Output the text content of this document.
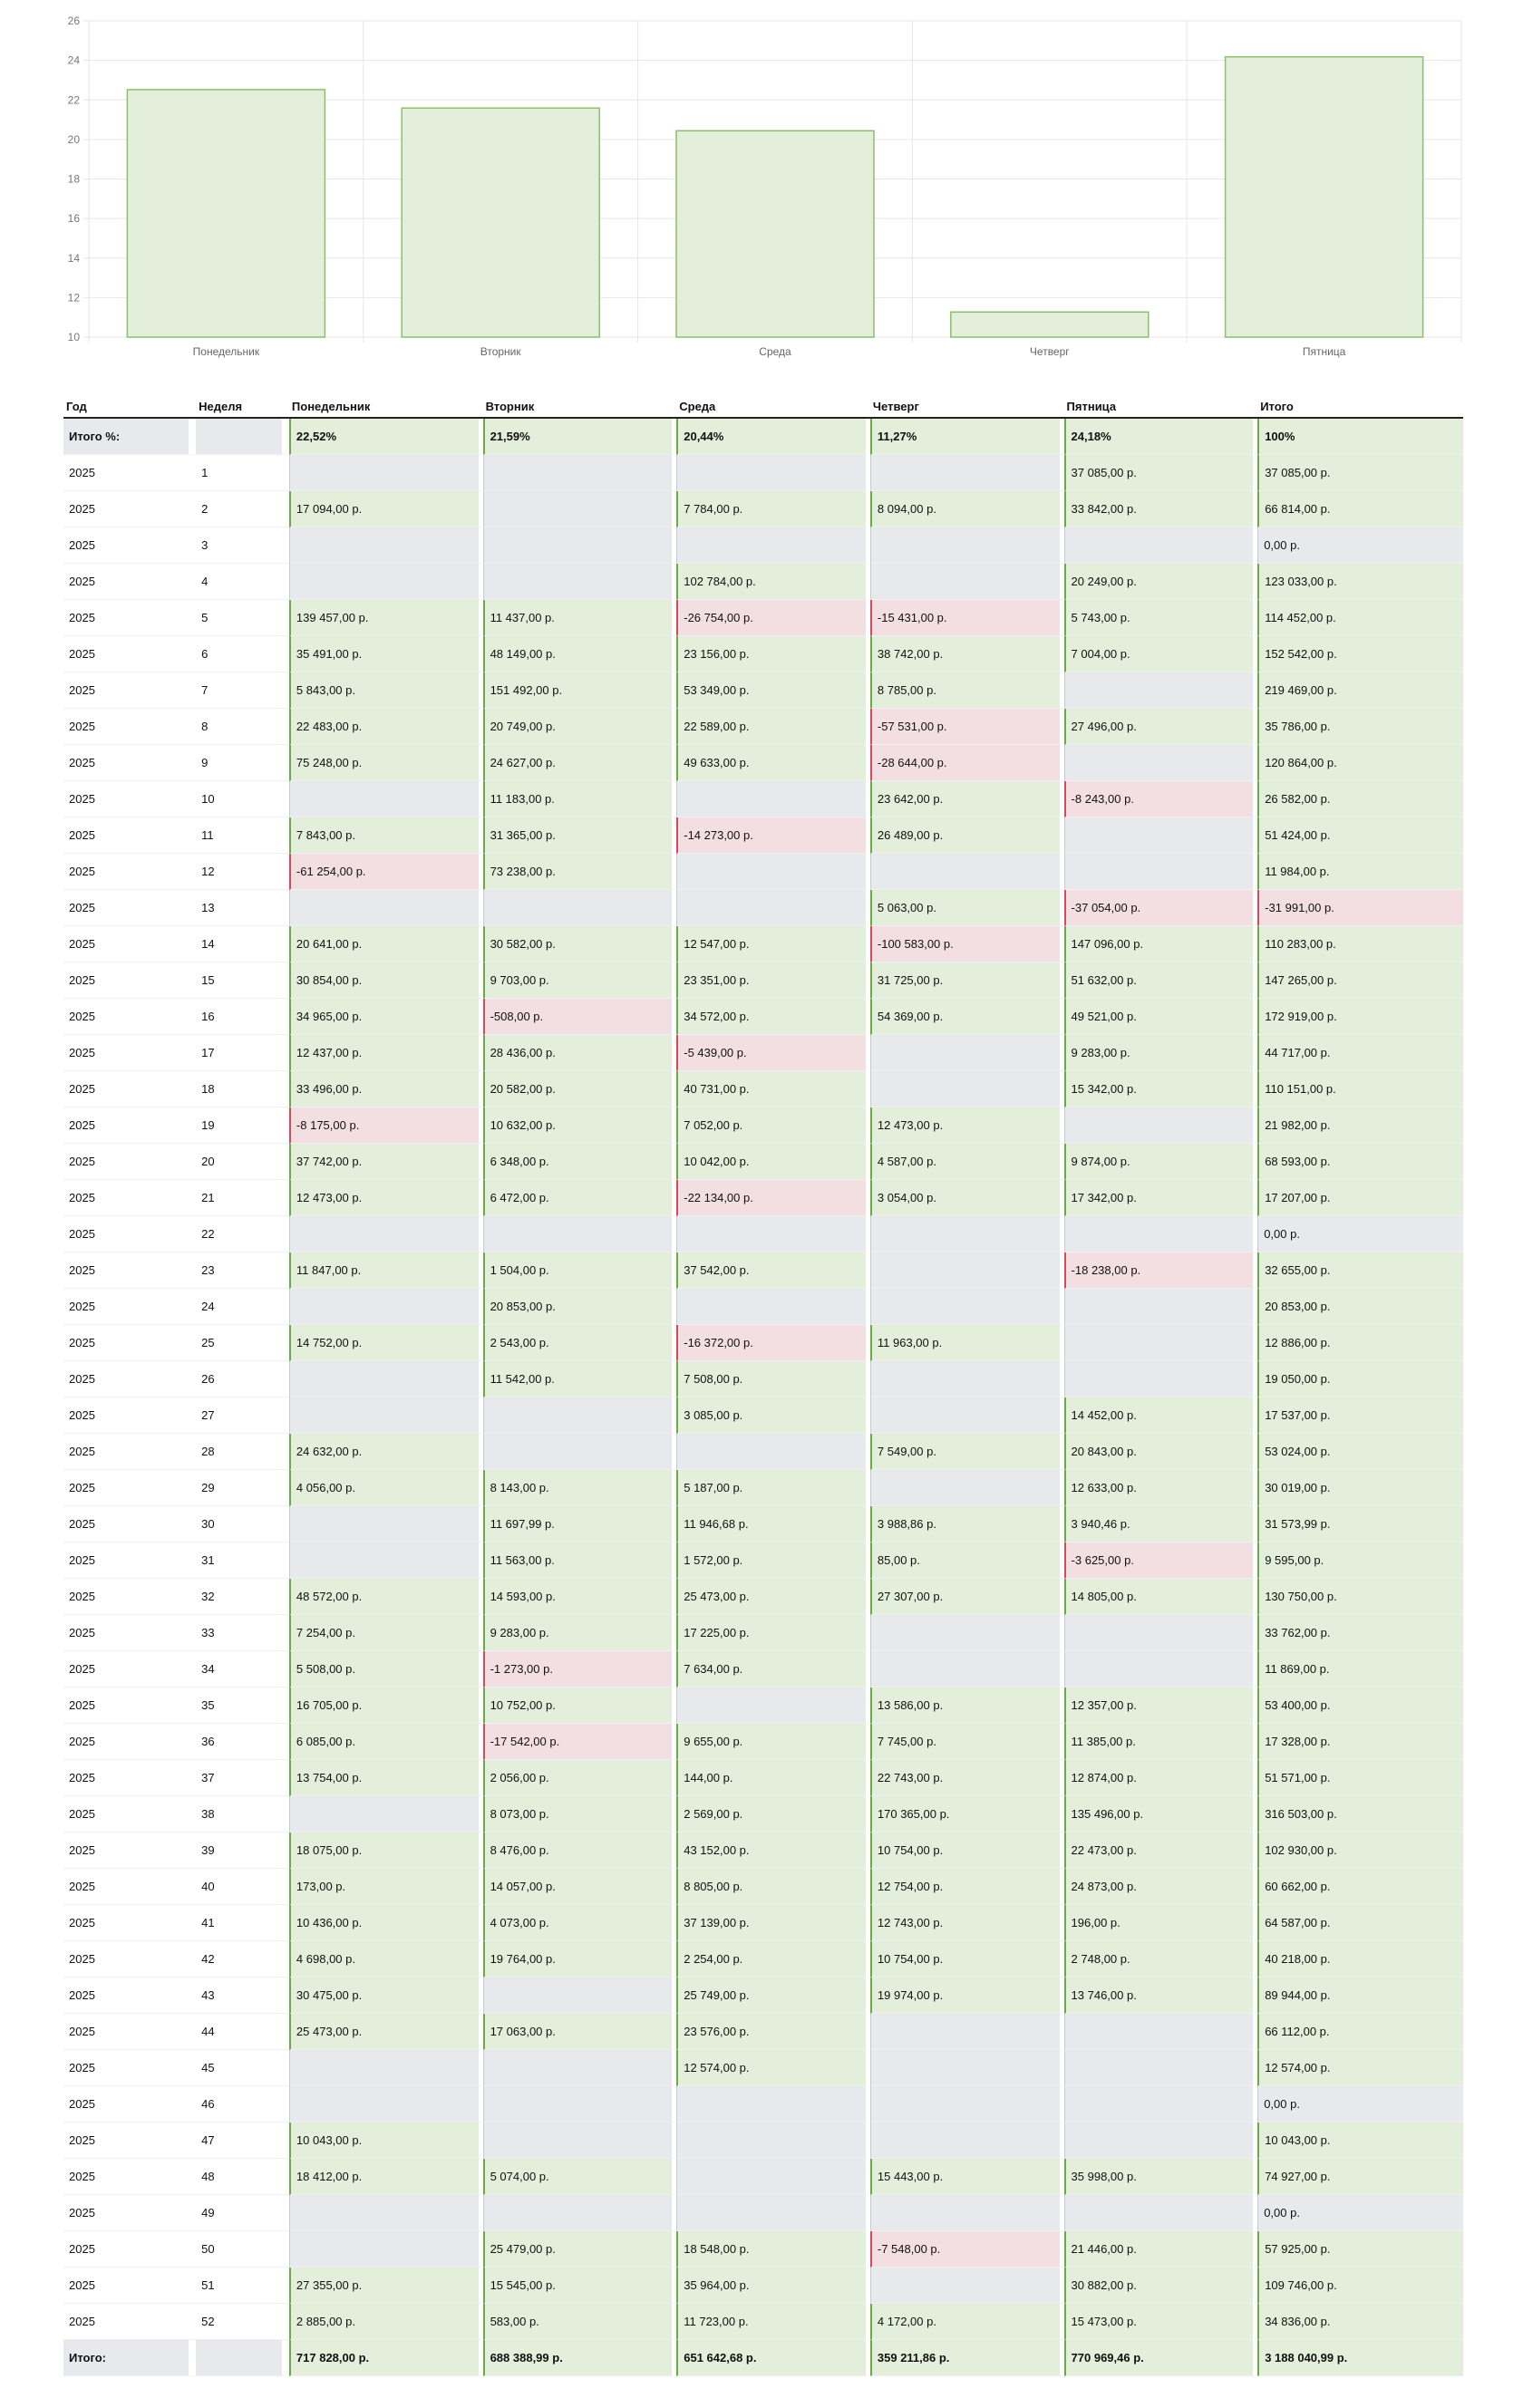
10
12
14
16
18
20
22
24
26
Понедельник	Вторник	Среда	Четверг	Пятница
Год	Неделя	Понедельник	Вторник	Среда	Четверг	Пятница	Итого
Итого %:		22,52%	21,59%	20,44%	11,27%	24,18%	100%
2025	1					37 085,00 р.	37 085,00 р.
2025	2	17 094,00 р.		7 784,00 р.	8 094,00 р.	33 842,00 р.	66 814,00 р.
2025	3						0,00 р.
2025	4			102 784,00 р.		20 249,00 р.	123 033,00 р.
2025	5	139 457,00 р.	11 437,00 р.	-26 754,00 р.	-15 431,00 р.	5 743,00 р.	114 452,00 р.
2025	6	35 491,00 р.	48 149,00 р.	23 156,00 р.	38 742,00 р.	7 004,00 р.	152 542,00 р.
2025	7	5 843,00 р.	151 492,00 р.	53 349,00 р.	8 785,00 р.		219 469,00 р.
2025	8	22 483,00 р.	20 749,00 р.	22 589,00 р.	-57 531,00 р.	27 496,00 р.	35 786,00 р.
2025	9	75 248,00 р.	24 627,00 р.	49 633,00 р.	-28 644,00 р.		120 864,00 р.
2025	10		11 183,00 р.		23 642,00 р.	-8 243,00 р.	26 582,00 р.
2025	11	7 843,00 р.	31 365,00 р.	-14 273,00 р.	26 489,00 р.		51 424,00 р.
2025	12	-61 254,00 р.	73 238,00 р.				11 984,00 р.
2025	13				5 063,00 р.	-37 054,00 р.	-31 991,00 р.
2025	14	20 641,00 р.	30 582,00 р.	12 547,00 р.	-100 583,00 р.	147 096,00 р.	110 283,00 р.
2025	15	30 854,00 р.	9 703,00 р.	23 351,00 р.	31 725,00 р.	51 632,00 р.	147 265,00 р.
2025	16	34 965,00 р.	-508,00 р.	34 572,00 р.	54 369,00 р.	49 521,00 р.	172 919,00 р.
2025	17	12 437,00 р.	28 436,00 р.	-5 439,00 р.		9 283,00 р.	44 717,00 р.
2025	18	33 496,00 р.	20 582,00 р.	40 731,00 р.		15 342,00 р.	110 151,00 р.
2025	19	-8 175,00 р.	10 632,00 р.	7 052,00 р.	12 473,00 р.		21 982,00 р.
2025	20	37 742,00 р.	6 348,00 р.	10 042,00 р.	4 587,00 р.	9 874,00 р.	68 593,00 р.
2025	21	12 473,00 р.	6 472,00 р.	-22 134,00 р.	3 054,00 р.	17 342,00 р.	17 207,00 р.
2025	22						0,00 р.
2025	23	11 847,00 р.	1 504,00 р.	37 542,00 р.		-18 238,00 р.	32 655,00 р.
2025	24		20 853,00 р.				20 853,00 р.
2025	25	14 752,00 р.	2 543,00 р.	-16 372,00 р.	11 963,00 р.		12 886,00 р.
2025	26		11 542,00 р.	7 508,00 р.			19 050,00 р.
2025	27			3 085,00 р.		14 452,00 р.	17 537,00 р.
2025	28	24 632,00 р.			7 549,00 р.	20 843,00 р.	53 024,00 р.
2025	29	4 056,00 р.	8 143,00 р.	5 187,00 р.		12 633,00 р.	30 019,00 р.
2025	30		11 697,99 р.	11 946,68 р.	3 988,86 р.	3 940,46 р.	31 573,99 р.
2025	31		11 563,00 р.	1 572,00 р.	85,00 р.	-3 625,00 р.	9 595,00 р.
2025	32	48 572,00 р.	14 593,00 р.	25 473,00 р.	27 307,00 р.	14 805,00 р.	130 750,00 р.
2025	33	7 254,00 р.	9 283,00 р.	17 225,00 р.			33 762,00 р.
2025	34	5 508,00 р.	-1 273,00 р.	7 634,00 р.			11 869,00 р.
2025	35	16 705,00 р.	10 752,00 р.		13 586,00 р.	12 357,00 р.	53 400,00 р.
2025	36	6 085,00 р.	-17 542,00 р.	9 655,00 р.	7 745,00 р.	11 385,00 р.	17 328,00 р.
2025	37	13 754,00 р.	2 056,00 р.	144,00 р.	22 743,00 р.	12 874,00 р.	51 571,00 р.
2025	38		8 073,00 р.	2 569,00 р.	170 365,00 р.	135 496,00 р.	316 503,00 р.
2025	39	18 075,00 р.	8 476,00 р.	43 152,00 р.	10 754,00 р.	22 473,00 р.	102 930,00 р.
2025	40	173,00 р.	14 057,00 р.	8 805,00 р.	12 754,00 р.	24 873,00 р.	60 662,00 р.
2025	41	10 436,00 р.	4 073,00 р.	37 139,00 р.	12 743,00 р.	196,00 р.	64 587,00 р.
2025	42	4 698,00 р.	19 764,00 р.	2 254,00 р.	10 754,00 р.	2 748,00 р.	40 218,00 р.
2025	43	30 475,00 р.		25 749,00 р.	19 974,00 р.	13 746,00 р.	89 944,00 р.
2025	44	25 473,00 р.	17 063,00 р.	23 576,00 р.			66 112,00 р.
2025	45			12 574,00 р.			12 574,00 р.
2025	46						0,00 р.
2025	47	10 043,00 р.					10 043,00 р.
2025	48	18 412,00 р.	5 074,00 р.		15 443,00 р.	35 998,00 р.	74 927,00 р.
2025	49						0,00 р.
2025	50		25 479,00 р.	18 548,00 р.	-7 548,00 р.	21 446,00 р.	57 925,00 р.
2025	51	27 355,00 р.	15 545,00 р.	35 964,00 р.		30 882,00 р.	109 746,00 р.
2025	52	2 885,00 р.	583,00 р.	11 723,00 р.	4 172,00 р.	15 473,00 р.	34 836,00 р.
Итого:		717 828,00 р.	688 388,99 р.	651 642,68 р.	359 211,86 р.	770 969,46 р.	3 188 040,99 р.
